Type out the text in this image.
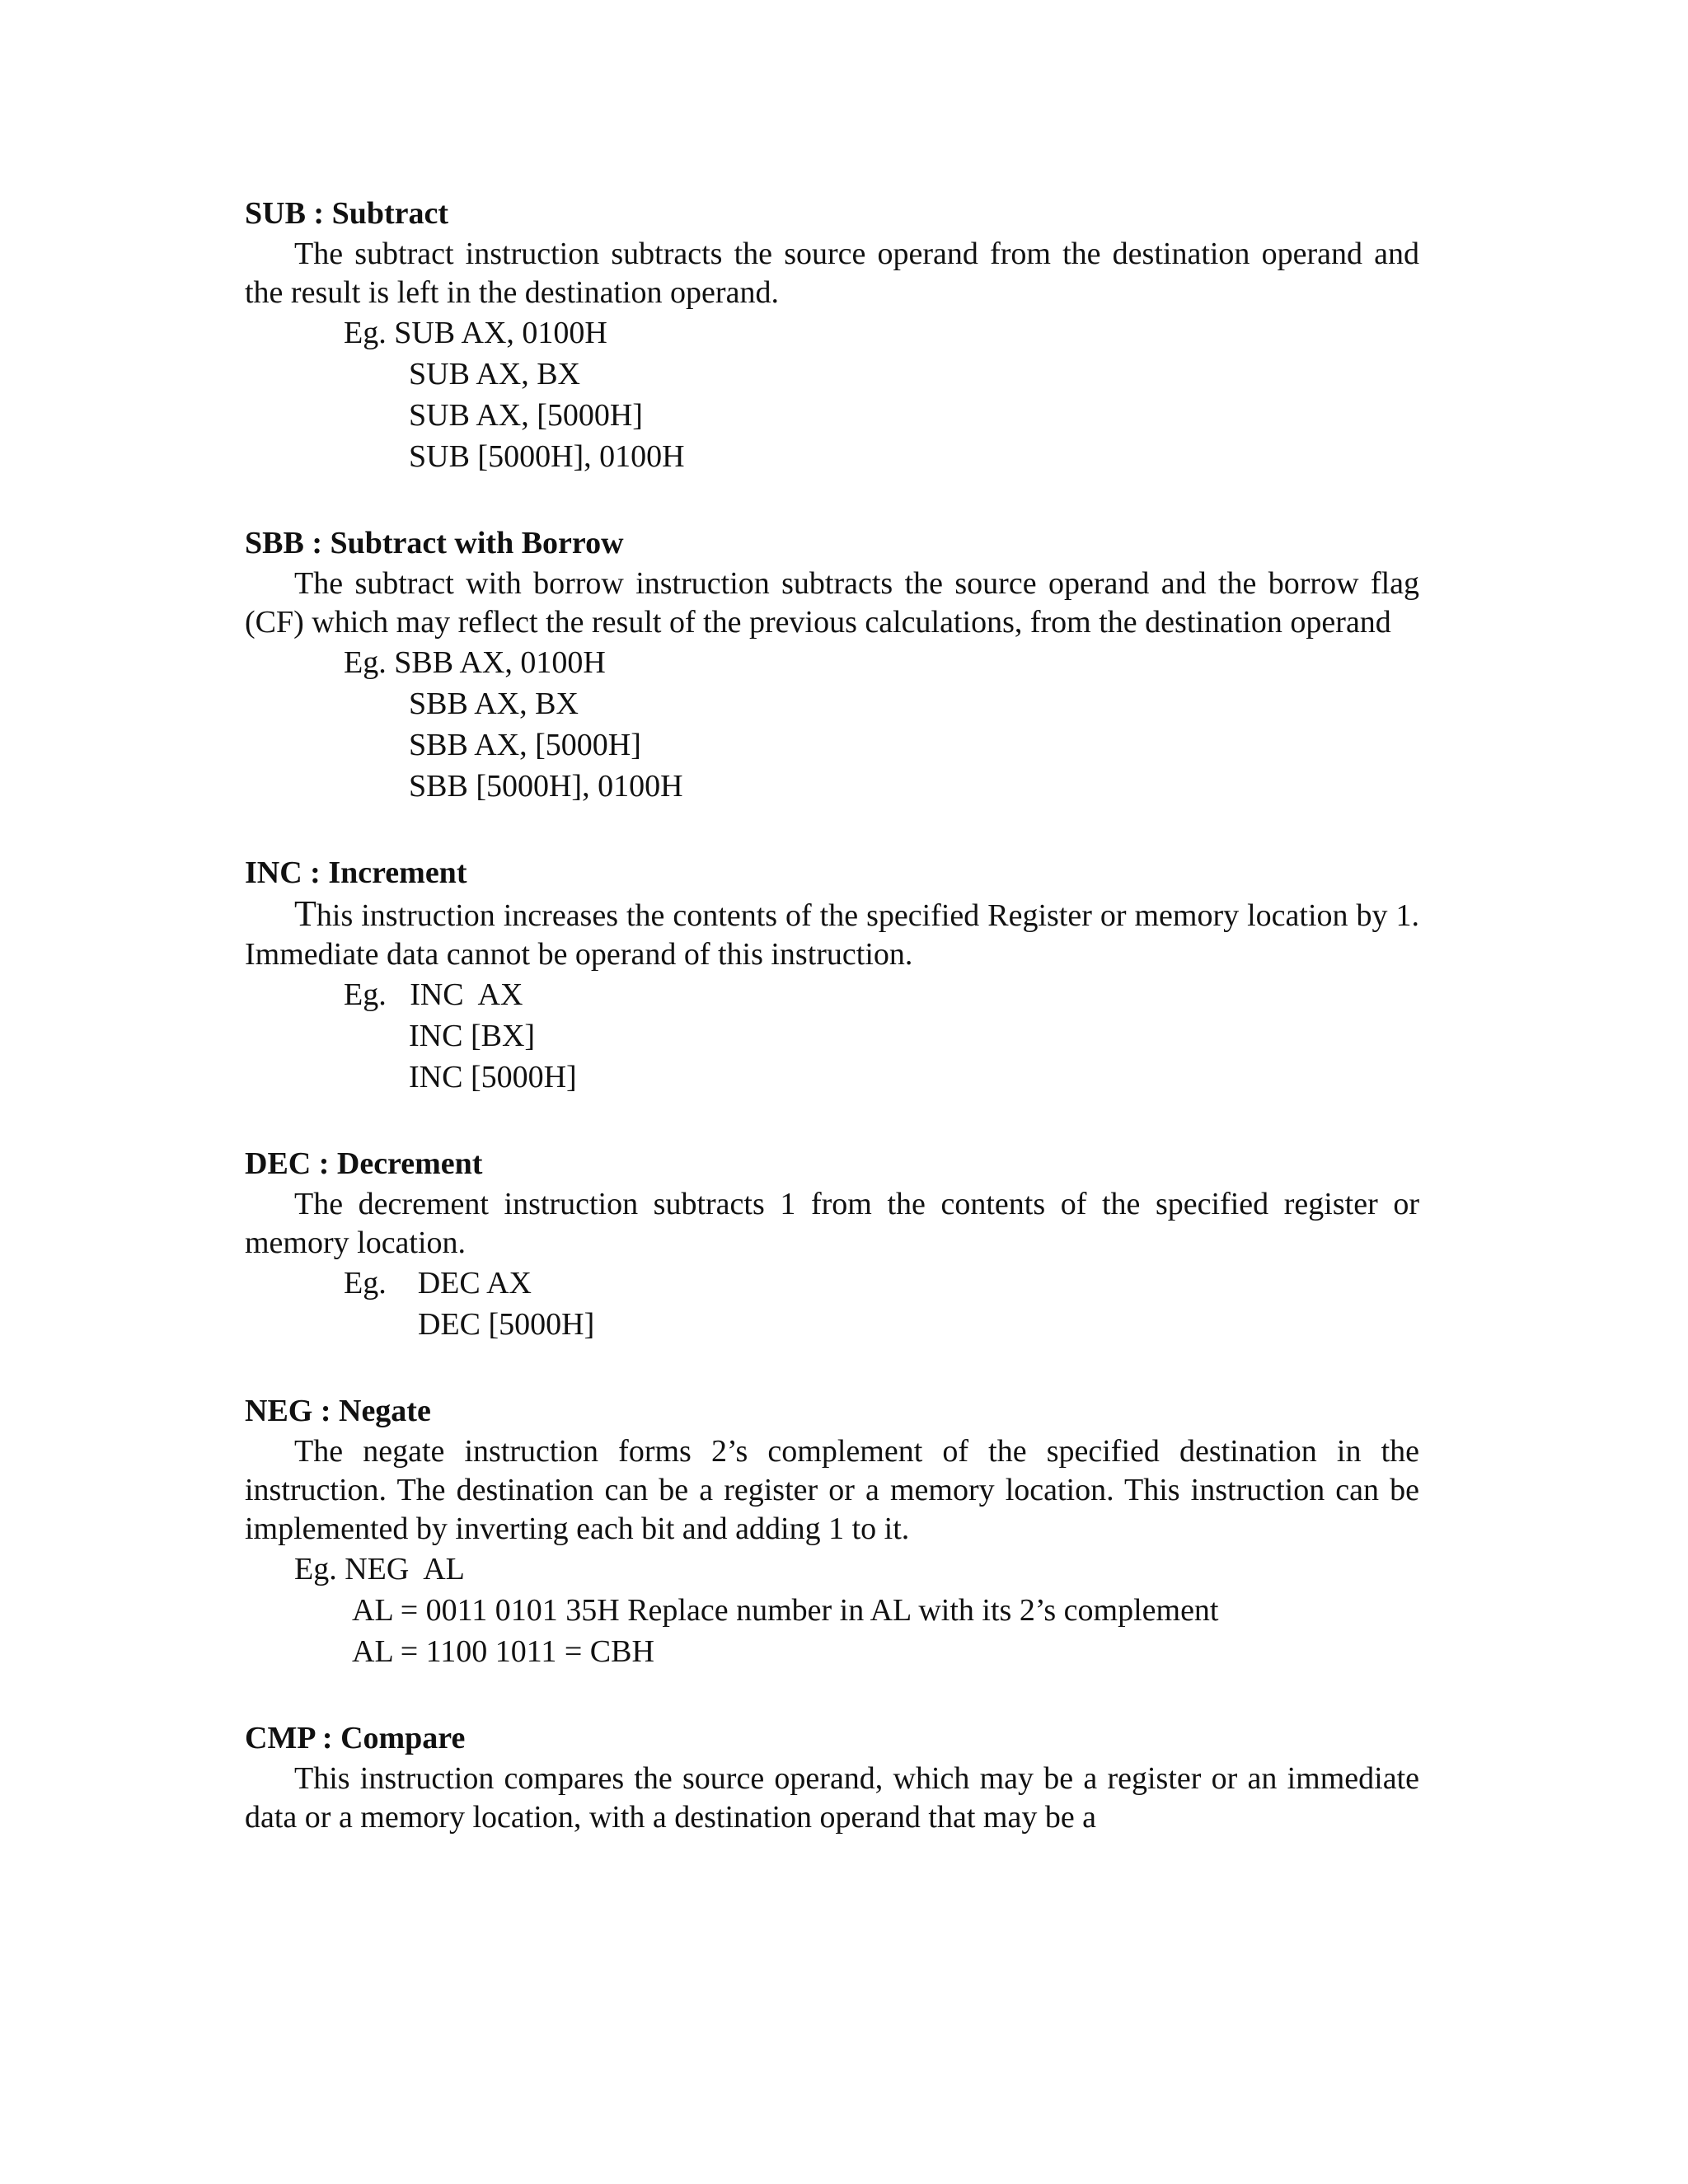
SUB : Subtract

The subtract instruction subtracts the source operand from the destination operand and the result is left in the destination operand.

Eg. SUB AX, 0100H

SUB AX, BX

SUB AX, [5000H]

SUB [5000H], 0100H

SBB : Subtract with Borrow

The subtract with borrow instruction subtracts the source operand and the borrow flag (CF) which may reflect the result of the previous calculations, from the destination operand

Eg. SBB AX, 0100H

SBB AX, BX

SBB AX, [5000H]

SBB [5000H], 0100H

INC : Increment

This instruction increases the contents of the specified Register or memory location by 1. Immediate data cannot be operand of this instruction.

Eg.   INC  AX

INC [BX]

INC [5000H]

DEC : Decrement

The decrement instruction subtracts 1 from the contents of the specified register or memory location.

Eg.    DEC AX

DEC [5000H]

NEG : Negate

The negate instruction forms 2’s complement of the specified destination in the instruction. The destination can be a register or a memory location. This instruction can be implemented by inverting each bit and adding 1 to it.

Eg. NEG  AL

AL = 0011 0101 35H Replace number in AL with its 2’s complement

AL = 1100 1011 = CBH

CMP : Compare

This instruction compares the source operand, which may be a register or an immediate data or a memory location, with a destination operand that may be a
